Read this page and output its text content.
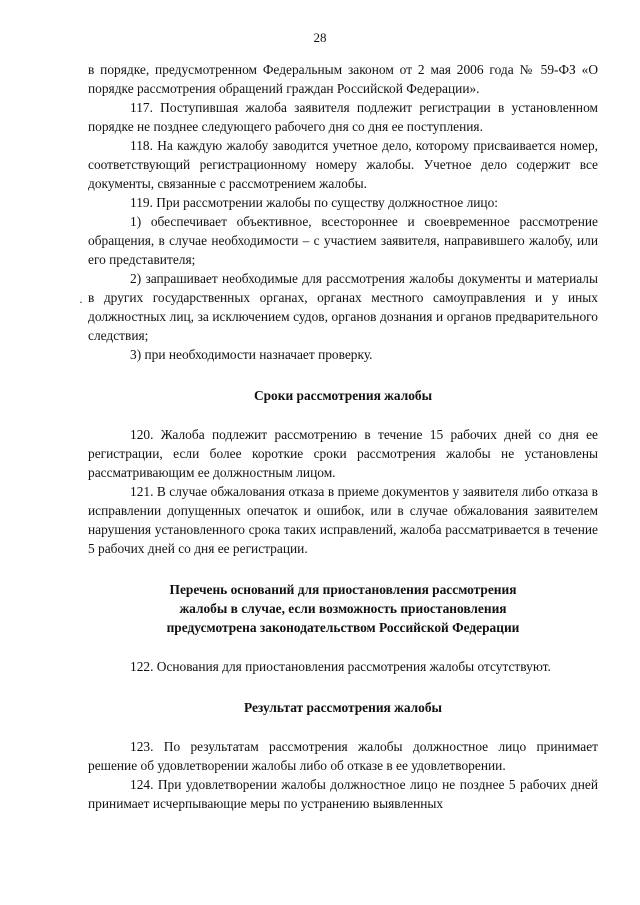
28
·

в порядке, предусмотренном Федеральным законом от 2 мая 2006 года № 59-ФЗ «О порядке рассмотрения обращений граждан Российской Федерации».

117. Поступившая жалоба заявителя подлежит регистрации в установленном порядке не позднее следующего рабочего дня со дня ее поступления.

118. На каждую жалобу заводится учетное дело, которому присваивается номер, соответствующий регистрационному номеру жалобы. Учетное дело содержит все документы, связанные с рассмотрением жалобы.

119. При рассмотрении жалобы по существу должностное лицо:

1) обеспечивает объективное, всестороннее и своевременное рассмотрение обращения, в случае необходимости – с участием заявителя, направившего жалобу, или его представителя;

2) запрашивает необходимые для рассмотрения жалобы документы и материалы в других государственных органах, органах местного самоуправления и у иных должностных лиц, за исключением судов, органов дознания и органов предварительного следствия;

3) при необходимости назначает проверку.

Сроки рассмотрения жалобы

120. Жалоба подлежит рассмотрению в течение 15 рабочих дней со дня ее регистрации, если более короткие сроки рассмотрения жалобы не установлены рассматривающим ее должностным лицом.

121. В случае обжалования отказа в приеме документов у заявителя либо отказа в исправлении допущенных опечаток и ошибок, или в случае обжалования заявителем нарушения установленного срока таких исправлений, жалоба рассматривается в течение 5 рабочих дней со дня ее регистрации.

Перечень оснований для приостановления рассмотрения
жалобы в случае, если возможность приостановления
предусмотрена законодательством Российской Федерации

122. Основания для приостановления рассмотрения жалобы отсутствуют.

Результат рассмотрения жалобы

123. По результатам рассмотрения жалобы должностное лицо принимает решение об удовлетворении жалобы либо об отказе в ее удовлетворении.

124. При удовлетворении жалобы должностное лицо не позднее 5 рабочих дней принимает исчерпывающие меры по устранению выявленных
